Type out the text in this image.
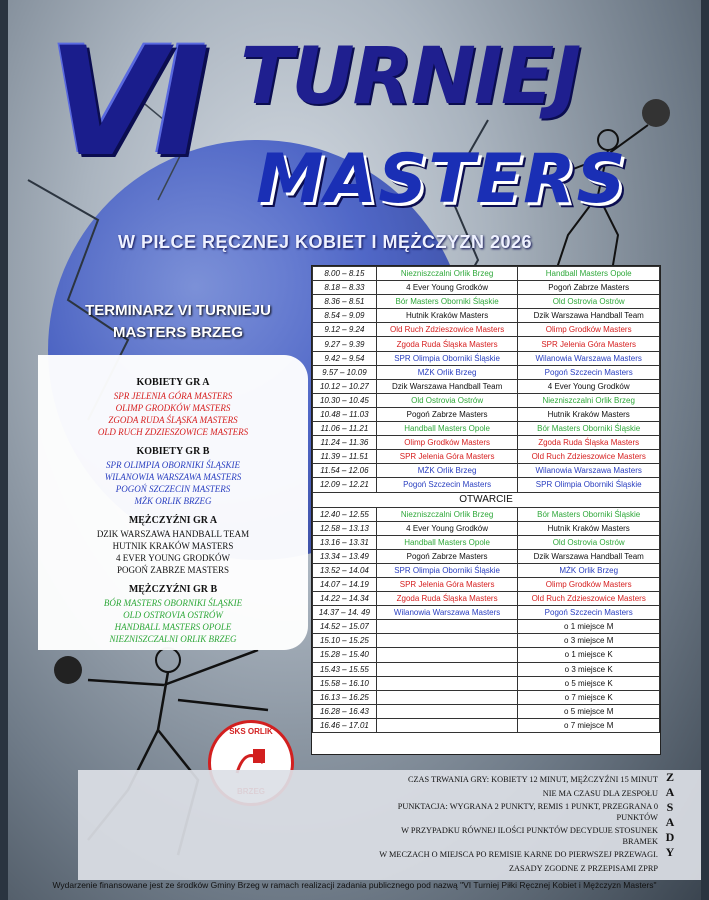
VI TURNIEJ
MASTERS
W PIŁCE RĘCZNEJ KOBIET I MĘŻCZYZN 2026
TERMINARZ VI TURNIEJU
MASTERS BRZEG
KOBIETY GR A
SPR JELENIA GÓRA MASTERS
OLIMP GRODKÓW MASTERS
ZGODA RUDA ŚLĄSKA MASTERS
OLD RUCH ZDZIESZOWICE MASTERS
KOBIETY GR B
SPR OLIMPIA OBORNIKI ŚLĄSKIE
WILANOWIA WARSZAWA MASTERS
POGOŃ SZCZECIN MASTERS
MŻK ORLIK BRZEG
MĘŻCZYŹNI GR A
DZIK WARSZAWA HANDBALL TEAM
HUTNIK KRAKÓW MASTERS
4 EVER YOUNG GRODKÓW
POGOŃ ZABRZE MASTERS
MĘŻCZYŹNI GR B
BÓR MASTERS OBORNIKI ŚLĄSKIE
OLD OSTROVIA OSTRÓW
HANDBALL MASTERS OPOLE
NIEZNISZCZALNI ORLIK BRZEG
8.00 – 8.15	Niezniszczalni Orlik Brzeg	Handball Masters Opole
8.18 – 8.33	4 Ever Young Grodków	Pogoń Zabrze Masters
8.36 – 8.51	Bór Masters Oborniki Śląskie	Old Ostrovia Ostrów
8.54 – 9.09	Hutnik Kraków Masters	Dzik Warszawa Handball Team
9.12 – 9.24	Old Ruch Zdzieszowice Masters	Olimp Grodków Masters
9.27 – 9.39	Zgoda Ruda Śląska Masters	SPR Jelenia Góra Masters
9.42 – 9.54	SPR Olimpia Oborniki Śląskie	Wilanowia Warszawa Masters
9.57 – 10.09	MŻK Orlik Brzeg	Pogoń Szczecin Masters
10.12 – 10.27	Dzik Warszawa Handball Team	4 Ever Young Grodków
10.30 – 10.45	Old Ostrovia Ostrów	Niezniszczalni Orlik Brzeg
10.48 – 11.03	Pogoń Zabrze Masters	Hutnik Kraków Masters
11.06 – 11.21	Handball Masters Opole	Bór Masters Oborniki Śląskie
11.24 – 11.36	Olimp Grodków Masters	Zgoda Ruda Śląska Masters
11.39 – 11.51	SPR Jelenia Góra Masters	Old Ruch Zdzieszowice Masters
11.54 – 12.06	MŻK Orlik Brzeg	Wilanowia Warszawa Masters
12.09 – 12.21	Pogoń Szczecin Masters	SPR Olimpia Oborniki Śląskie
OTWARCIE		
12.40 – 12.55	Niezniszczalni Orlik Brzeg	Bór Masters Oborniki Śląskie
12.58 – 13.13	4 Ever Young Grodków	Hutnik Kraków Masters
13.16 – 13.31	Handball Masters Opole	Old Ostrovia Ostrów
13.34 – 13.49	Pogoń Zabrze Masters	Dzik Warszawa Handball Team
13.52 – 14.04	SPR Olimpia Oborniki Śląskie	MŻK Orlik Brzeg
14.07 – 14.19	SPR Jelenia Góra Masters	Olimp Grodków Masters
14.22 – 14.34	Zgoda Ruda Śląska Masters	Old Ruch Zdzieszowice Masters
14.37 – 14. 49	Wilanowia Warszawa Masters	Pogoń Szczecin Masters
14.52 – 15.07		o 1 miejsce M
15.10 – 15.25		o 3 miejsce M
15.28 – 15.40		o 1 miejsce K
15.43 – 15.55		o 3 miejsce K
15.58 – 16.10		o 5 miejsce K
16.13 – 16.25		o 7 miejsce K
16.28 – 16.43		o 5 miejsce M
16.46 – 17.01		o 7 miejsce M
SKS ORLIK

CZAS TRWANIA GRY: KOBIETY 12 MINUT, MĘŻCZYŹNI 15 MINUT

NIE MA CZASU DLA ZESPOŁU

PUNKTACJA: WYGRANA 2 PUNKTY, REMIS 1 PUNKT, PRZEGRANA 0 PUNKTÓW

W PRZYPADKU RÓWNEJ ILOŚCI PUNKTÓW DECYDUJE STOSUNEK BRAMEK

W MECZACH O MIEJSCA PO REMISIE KARNE DO PIERWSZEJ PRZEWAGI.

ZASADY ZGODNE Z PRZEPISAMI ZPRP

Z
A
S
A
D
Y
Wydarzenie finansowane jest ze środków Gminy Brzeg w ramach realizacji zadania publicznego pod nazwą "VI Turniej Piłki Ręcznej Kobiet i Mężczyzn Masters"
